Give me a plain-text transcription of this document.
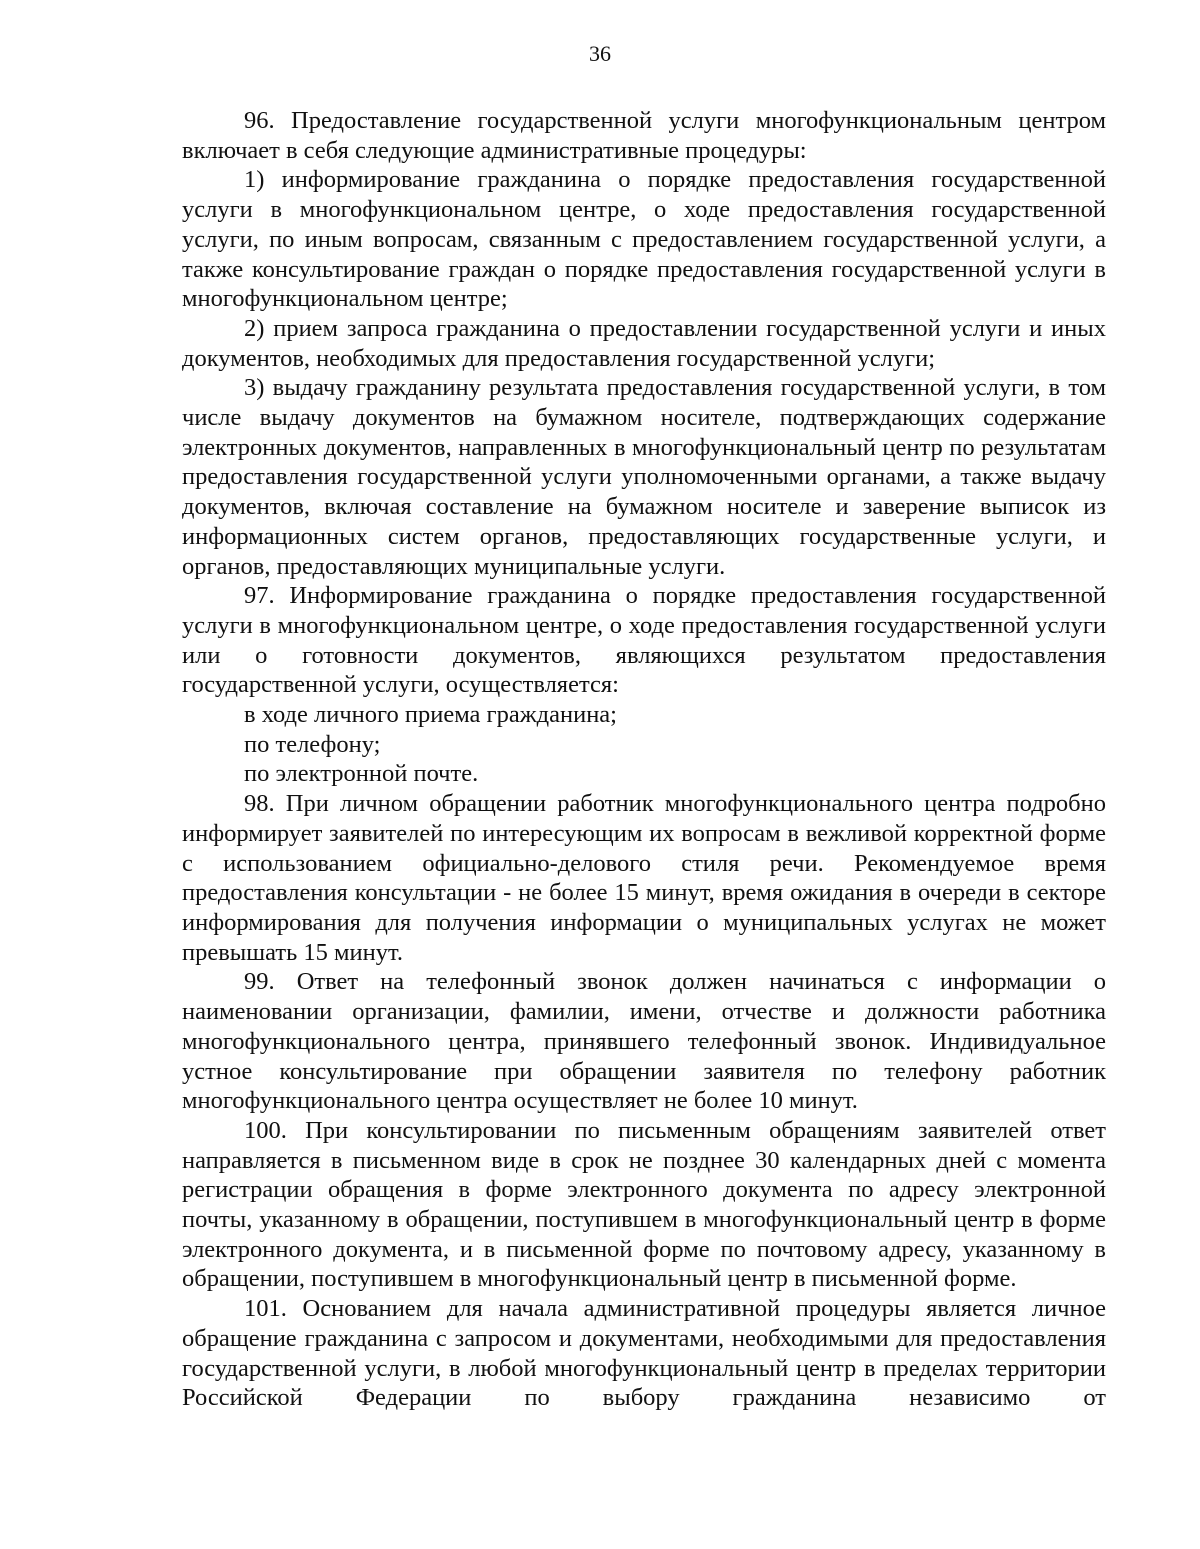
36

96. Предоставление государственной услуги многофункциональным центром включает в себя следующие административные процедуры:

1) информирование гражданина о порядке предоставления государственной услуги в многофункциональном центре, о ходе предоставления государственной услуги, по иным вопросам, связанным с предоставлением государственной услуги, а также консультирование граждан о порядке предоставления государственной услуги в многофункциональном центре;

2) прием запроса гражданина о предоставлении государственной услуги и иных документов, необходимых для предоставления государственной услуги;

3) выдачу гражданину результата предоставления государственной услуги, в том числе выдачу документов на бумажном носителе, подтверждающих содержание электронных документов, направленных в многофункциональный центр по результатам предоставления государственной услуги уполномоченными органами, а также выдачу документов, включая составление на бумажном носителе и заверение выписок из информационных систем органов, предоставляющих государственные услуги, и органов, предоставляющих муниципальные услуги.

97. Информирование гражданина о порядке предоставления государственной услуги в многофункциональном центре, о ходе предоставления государственной услуги или о готовности документов, являющихся результатом предоставления государственной услуги, осуществляется:

в ходе личного приема гражданина;

по телефону;

по электронной почте.

98. При личном обращении работник многофункционального центра подробно информирует заявителей по интересующим их вопросам в вежливой корректной форме с использованием официально-делового стиля речи. Рекомендуемое время предоставления консультации - не более 15 минут, время ожидания в очереди в секторе информирования для получения информации о муниципальных услугах не может превышать 15 минут.

99. Ответ на телефонный звонок должен начинаться с информации о наименовании организации, фамилии, имени, отчестве и должности работника многофункционального центра, принявшего телефонный звонок. Индивидуальное устное консультирование при обращении заявителя по телефону работник многофункционального центра осуществляет не более 10 минут.

100. При консультировании по письменным обращениям заявителей ответ направляется в письменном виде в срок не позднее 30 календарных дней с момента регистрации обращения в форме электронного документа по адресу электронной почты, указанному в обращении, поступившем в многофункциональный центр в форме электронного документа, и в письменной форме по почтовому адресу, указанному в обращении, поступившем в многофункциональный центр в письменной форме.

101. Основанием для начала административной процедуры является личное обращение гражданина с запросом и документами, необходимыми для предоставления государственной услуги, в любой многофункциональный центр в пределах территории Российской Федерации по выбору гражданина независимо от
